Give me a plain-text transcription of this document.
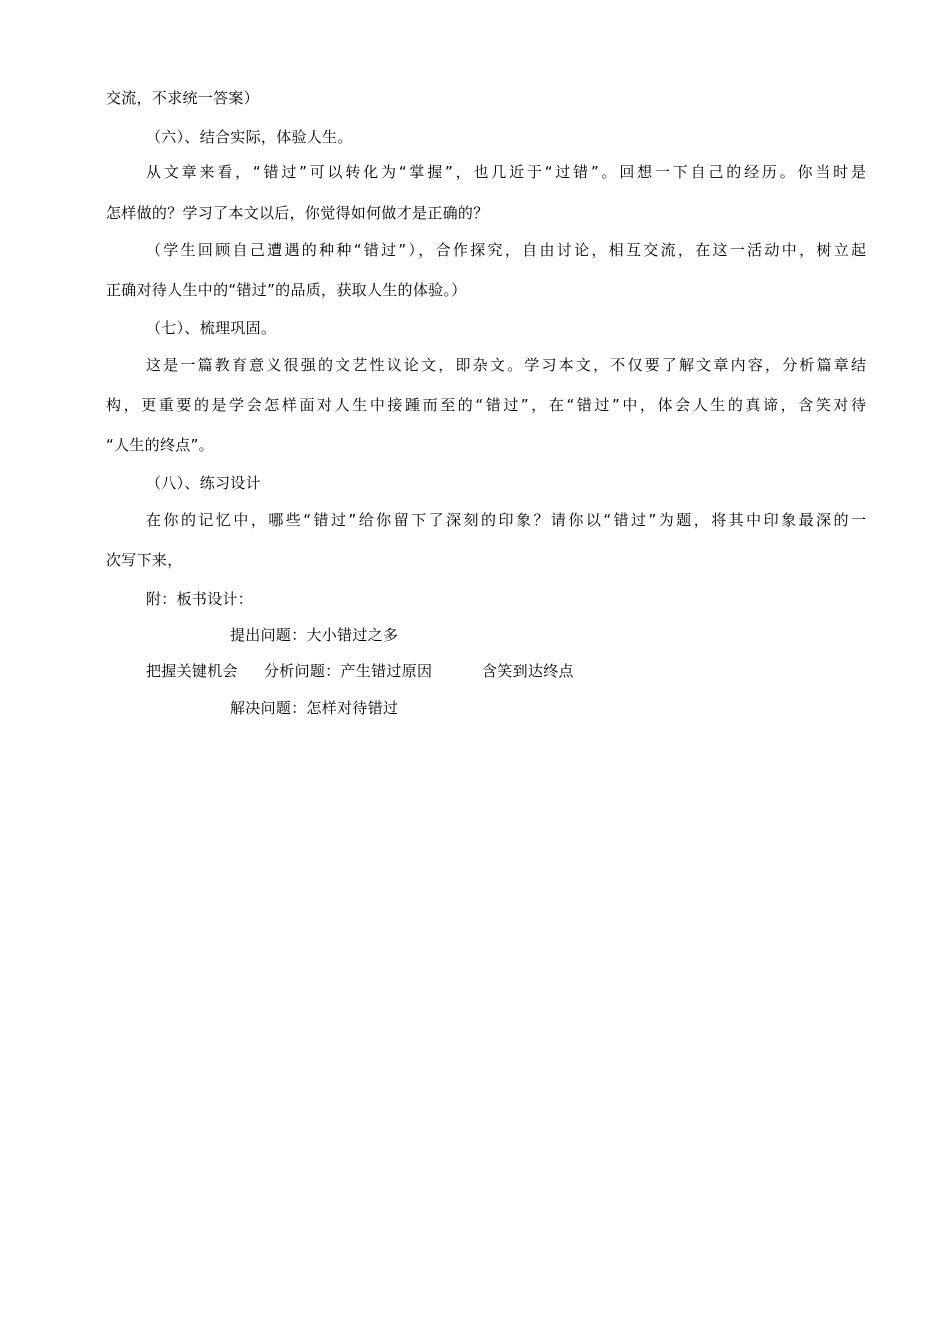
交流，不求统一答案）
（六）、结合实际，体验人生。
从文章来看，“错过”可以转化为“掌握”，也几近于“过错”。回想一下自己的经历。你当时是
怎样做的？学习了本文以后，你觉得如何做才是正确的？
（学生回顾自己遭遇的种种“错过”），合作探究，自由讨论，相互交流，在这一活动中，树立起
正确对待人生中的“错过”的品质，获取人生的体验。）
（七）、梳理巩固。
这是一篇教育意义很强的文艺性议论文，即杂文。学习本文，不仅要了解文章内容，分析篇章结
构，更重要的是学会怎样面对人生中接踵而至的“错过”，在“错过”中，体会人生的真谛，含笑对待
“人生的终点”。
（八）、练习设计
在你的记忆中，哪些“错过”给你留下了深刻的印象？请你以“错过”为题，将其中印象最深的一
次写下来，
附：板书设计：
提出问题：大小错过之多
把握关键机会 分析问题：产生错过原因	含笑到达终点
解决问题：怎样对待错过
